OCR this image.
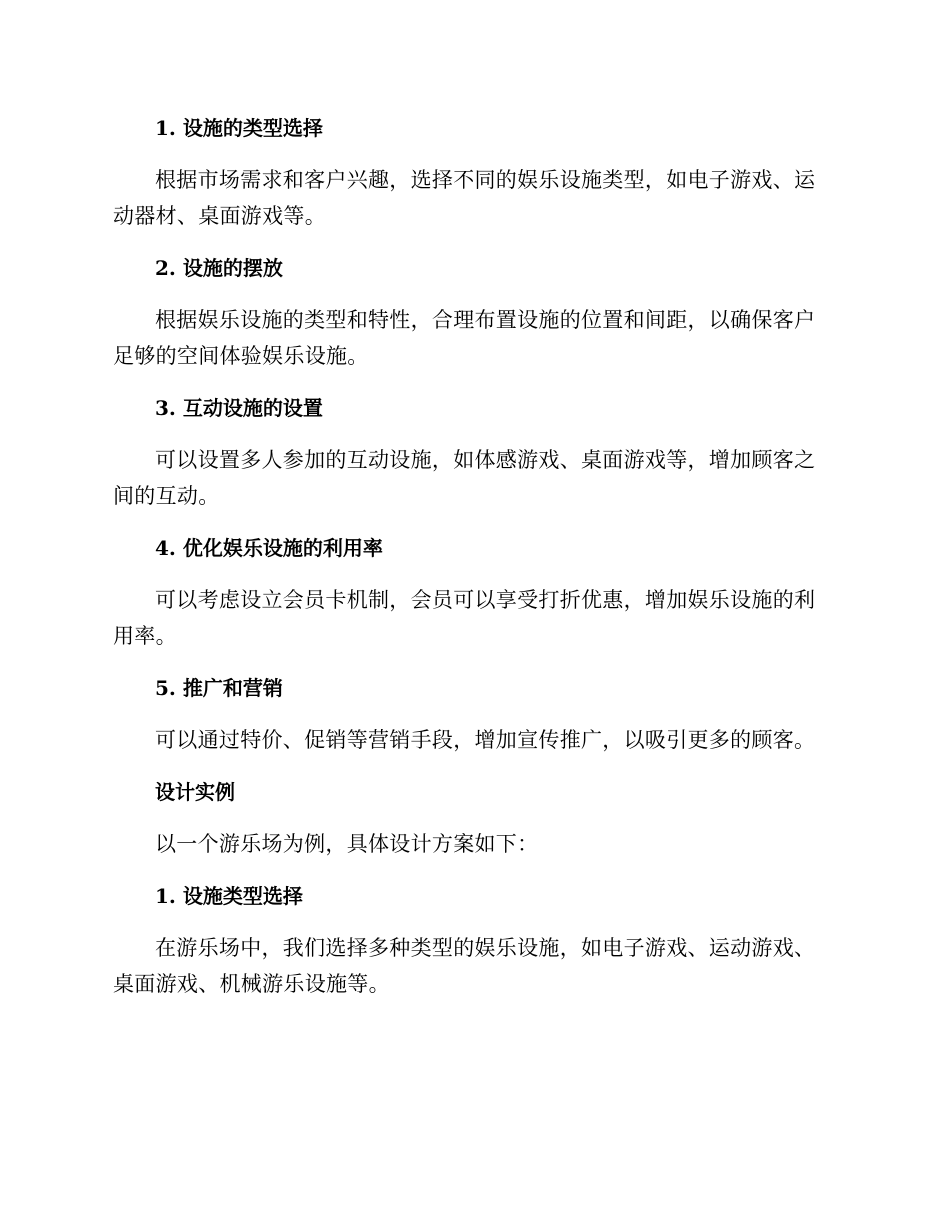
1. 设施的类型选择

根据市场需求和客户兴趣，选择不同的娱乐设施类型，如电子游戏、运动器材、桌面游戏等。

2. 设施的摆放

根据娱乐设施的类型和特性，合理布置设施的位置和间距，以确保客户足够的空间体验娱乐设施。

3. 互动设施的设置

可以设置多人参加的互动设施，如体感游戏、桌面游戏等，增加顾客之间的互动。

4. 优化娱乐设施的利用率

可以考虑设立会员卡机制，会员可以享受打折优惠，增加娱乐设施的利用率。

5. 推广和营销

可以通过特价、促销等营销手段，增加宣传推广，以吸引更多的顾客。

设计实例

以一个游乐场为例，具体设计方案如下：

1. 设施类型选择

在游乐场中，我们选择多种类型的娱乐设施，如电子游戏、运动游戏、桌面游戏、机械游乐设施等。
